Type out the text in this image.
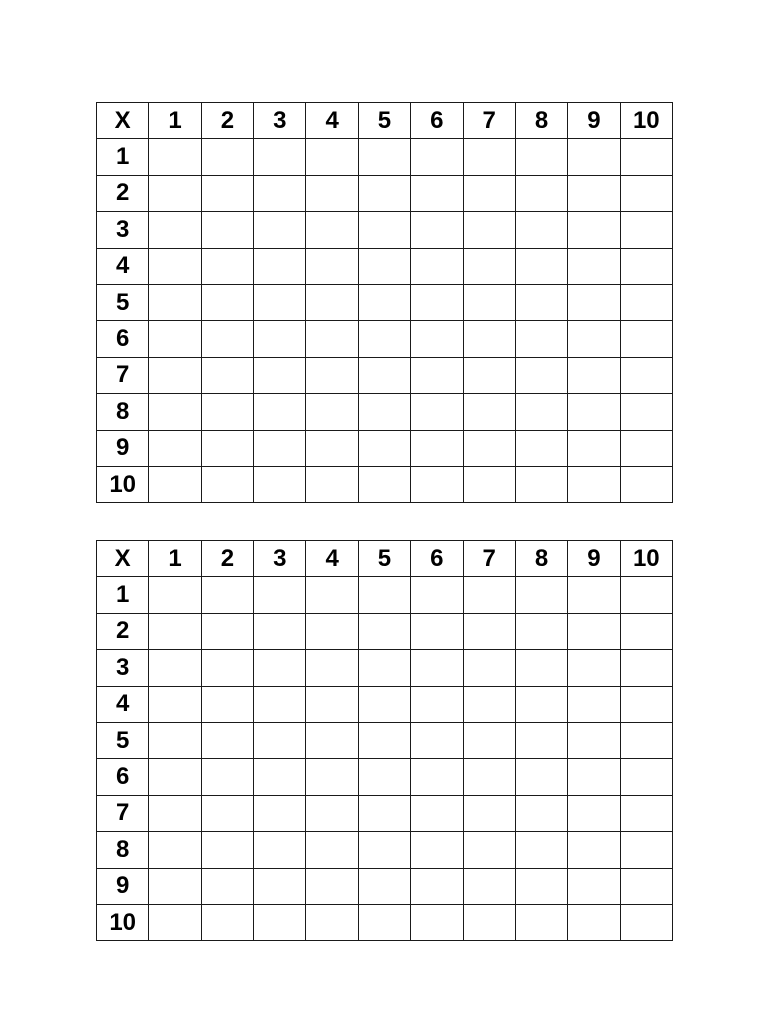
X	1	2	3	4	5	6	7	8	9	10
1										
2										
3										
4										
5										
6										
7										
8										
9										
10										
X	1	2	3	4	5	6	7	8	9	10
1										
2										
3										
4										
5										
6										
7										
8										
9										
10										
